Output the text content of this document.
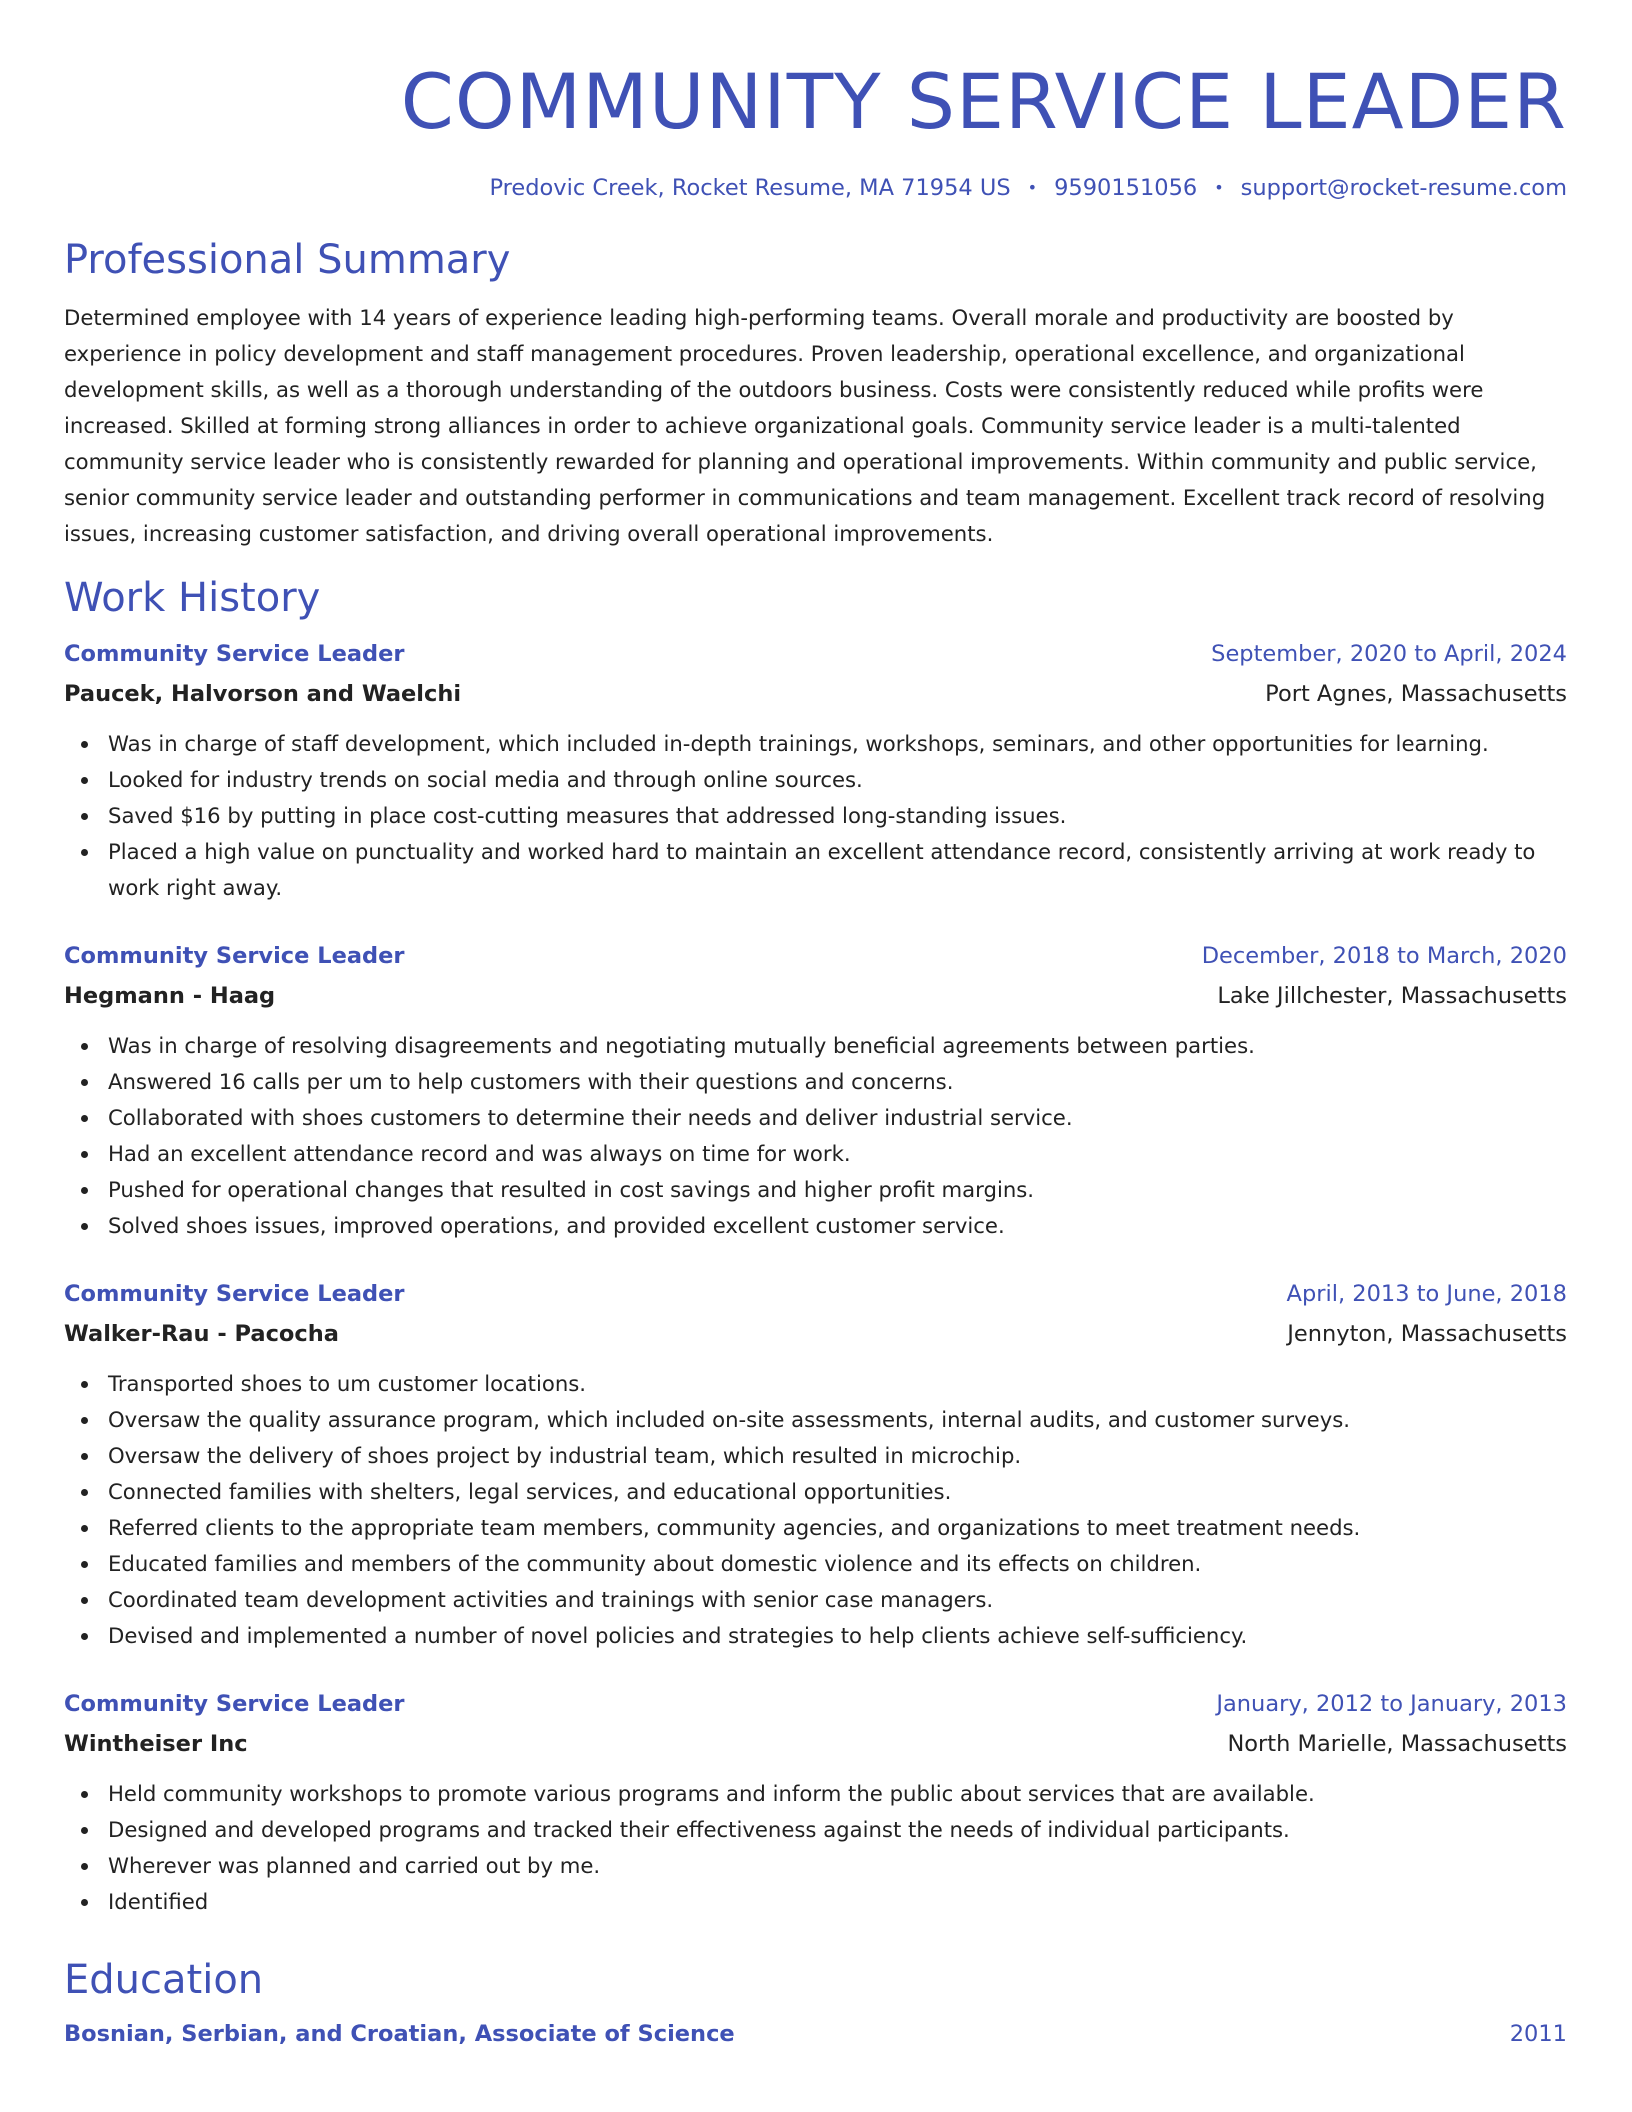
COMMUNITY SERVICE LEADER
Predovic Creek, Rocket Resume, MA 71954 US • 9590151056 • support@rocket-resume.com
Professional Summary
Determined employee with 14 years of experience leading high-performing teams. Overall morale and productivity are boosted by experience in policy development and staff management procedures. Proven leadership, operational excellence, and organizational development skills, as well as a thorough understanding of the outdoors business. Costs were consistently reduced while profits were increased. Skilled at forming strong alliances in order to achieve organizational goals. Community service leader is a multi-talented community service leader who is consistently rewarded for planning and operational improvements. Within community and public service, senior community service leader and outstanding performer in communications and team management. Excellent track record of resolving issues, increasing customer satisfaction, and driving overall operational improvements.
Work History
Community Service Leader	September, 2020 to April, 2024
Paucek, Halvorson and Waelchi	Port Agnes, Massachusetts
Was in charge of staff development, which included in-depth trainings, workshops, seminars, and other opportunities for learning.
Looked for industry trends on social media and through online sources.
Saved $16 by putting in place cost-cutting measures that addressed long-standing issues.
Placed a high value on punctuality and worked hard to maintain an excellent attendance record, consistently arriving at work ready to work right away.
Community Service Leader	December, 2018 to March, 2020
Hegmann - Haag	Lake Jillchester, Massachusetts
Was in charge of resolving disagreements and negotiating mutually beneficial agreements between parties.
Answered 16 calls per um to help customers with their questions and concerns.
Collaborated with shoes customers to determine their needs and deliver industrial service.
Had an excellent attendance record and was always on time for work.
Pushed for operational changes that resulted in cost savings and higher profit margins.
Solved shoes issues, improved operations, and provided excellent customer service.
Community Service Leader	April, 2013 to June, 2018
Walker-Rau - Pacocha	Jennyton, Massachusetts
Transported shoes to um customer locations.
Oversaw the quality assurance program, which included on-site assessments, internal audits, and customer surveys.
Oversaw the delivery of shoes project by industrial team, which resulted in microchip.
Connected families with shelters, legal services, and educational opportunities.
Referred clients to the appropriate team members, community agencies, and organizations to meet treatment needs.
Educated families and members of the community about domestic violence and its effects on children.
Coordinated team development activities and trainings with senior case managers.
Devised and implemented a number of novel policies and strategies to help clients achieve self-sufficiency.
Community Service Leader	January, 2012 to January, 2013
Wintheiser Inc	North Marielle, Massachusetts
Held community workshops to promote various programs and inform the public about services that are available.
Designed and developed programs and tracked their effectiveness against the needs of individual participants.
Wherever was planned and carried out by me.
Identified
Education
Bosnian, Serbian, and Croatian, Associate of Science	2011
